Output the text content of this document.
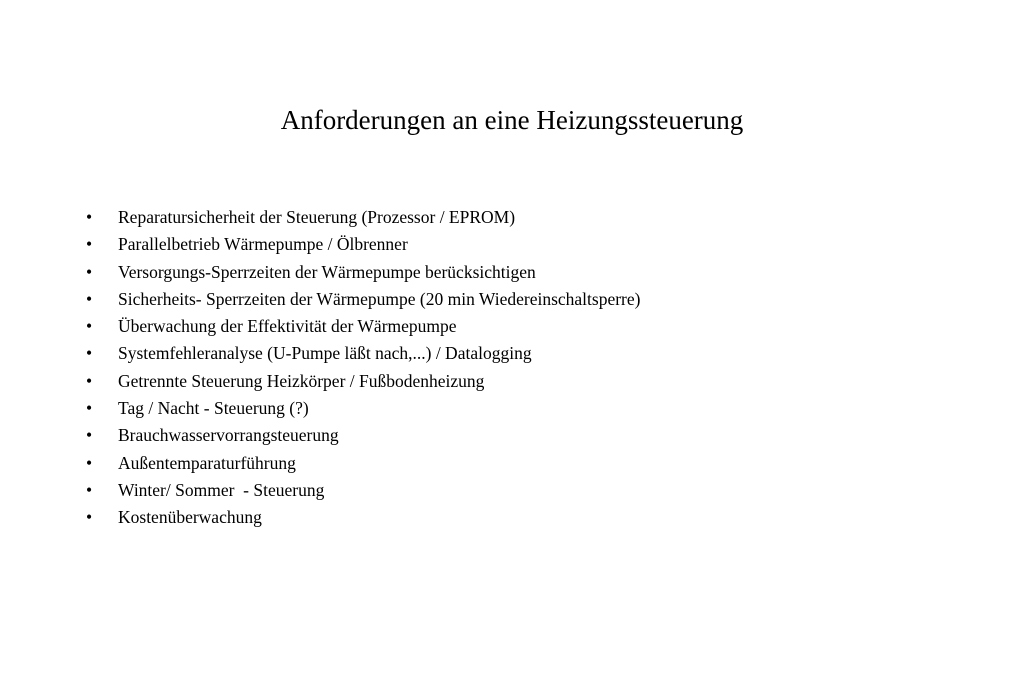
Anforderungen an eine Heizungssteuerung

•

	Reparatursicherheit der Steuerung (Prozessor / EPROM)

•

	Parallelbetrieb Wärmepumpe / Ölbrenner

•

	Versorgungs-Sperrzeiten der Wärmepumpe berücksichtigen

•

	Sicherheits- Sperrzeiten der Wärmepumpe (20 min Wiedereinschaltsperre)

•

	Überwachung der Effektivität der Wärmepumpe

•

	Systemfehleranalyse (U-Pumpe läßt nach,...) / Datalogging

•

	Getrennte Steuerung Heizkörper / Fußbodenheizung

•

	Tag / Nacht - Steuerung (?)

•

	Brauchwasservorrangsteuerung

•

	Außentemparaturführung

•

	Winter/ Sommer  - Steuerung

•

	Kostenüberwachung
